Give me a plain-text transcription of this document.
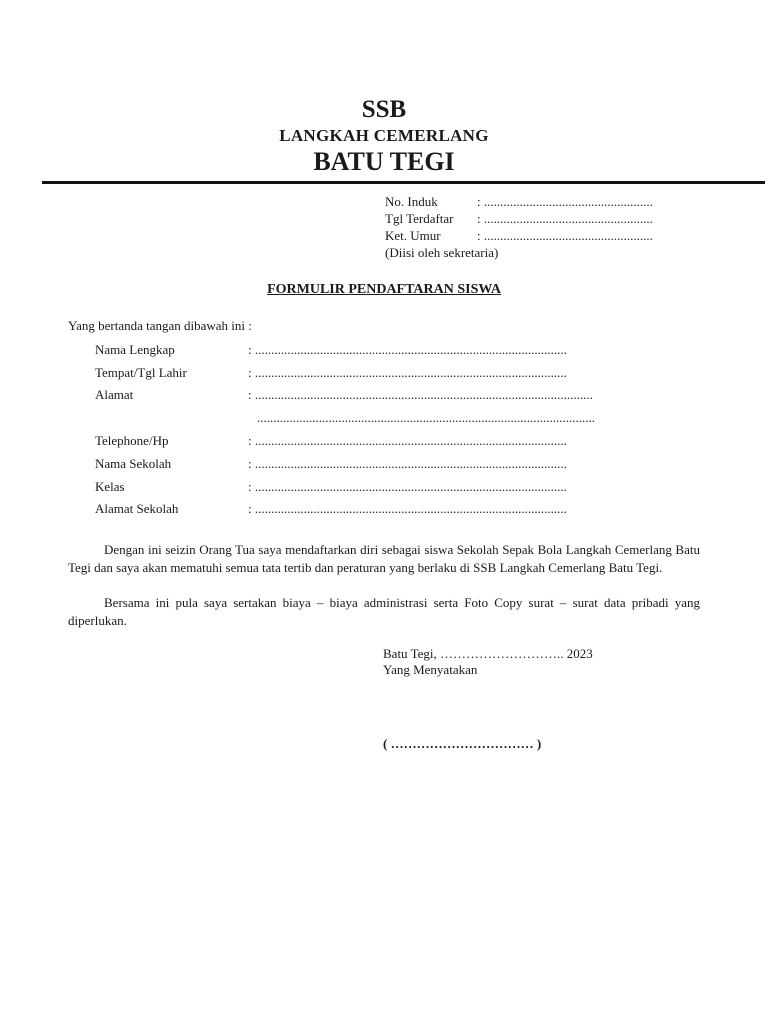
SSB
LANGKAH CEMERLANG
BATU TEGI
No. Induk	: ....................................................
Tgl Terdaftar : ....................................................
Ket. Umur	: ....................................................
(Diisi oleh sekretaria)
FORMULIR PENDAFTARAN SISWA
Yang bertanda tangan dibawah ini :
Nama Lengkap	: ................................................................................................
Tempat/Tgl Lahir	: ................................................................................................
Alamat	: ........................................................................................................
........................................................................................................
Telephone/Hp	: ................................................................................................
Nama Sekolah	: ................................................................................................
Kelas	: ................................................................................................
Alamat Sekolah	: ................................................................................................
Dengan ini seizin Orang Tua saya mendaftarkan diri sebagai siswa Sekolah Sepak Bola Langkah Cemerlang Batu Tegi dan saya akan mematuhi semua tata tertib dan peraturan yang berlaku di SSB Langkah Cemerlang Batu Tegi.
Bersama ini pula saya sertakan biaya – biaya administrasi serta Foto Copy surat – surat data pribadi yang diperlukan.
Batu Tegi, ……………………….. 2023
Yang Menyatakan
( …………………………… )
